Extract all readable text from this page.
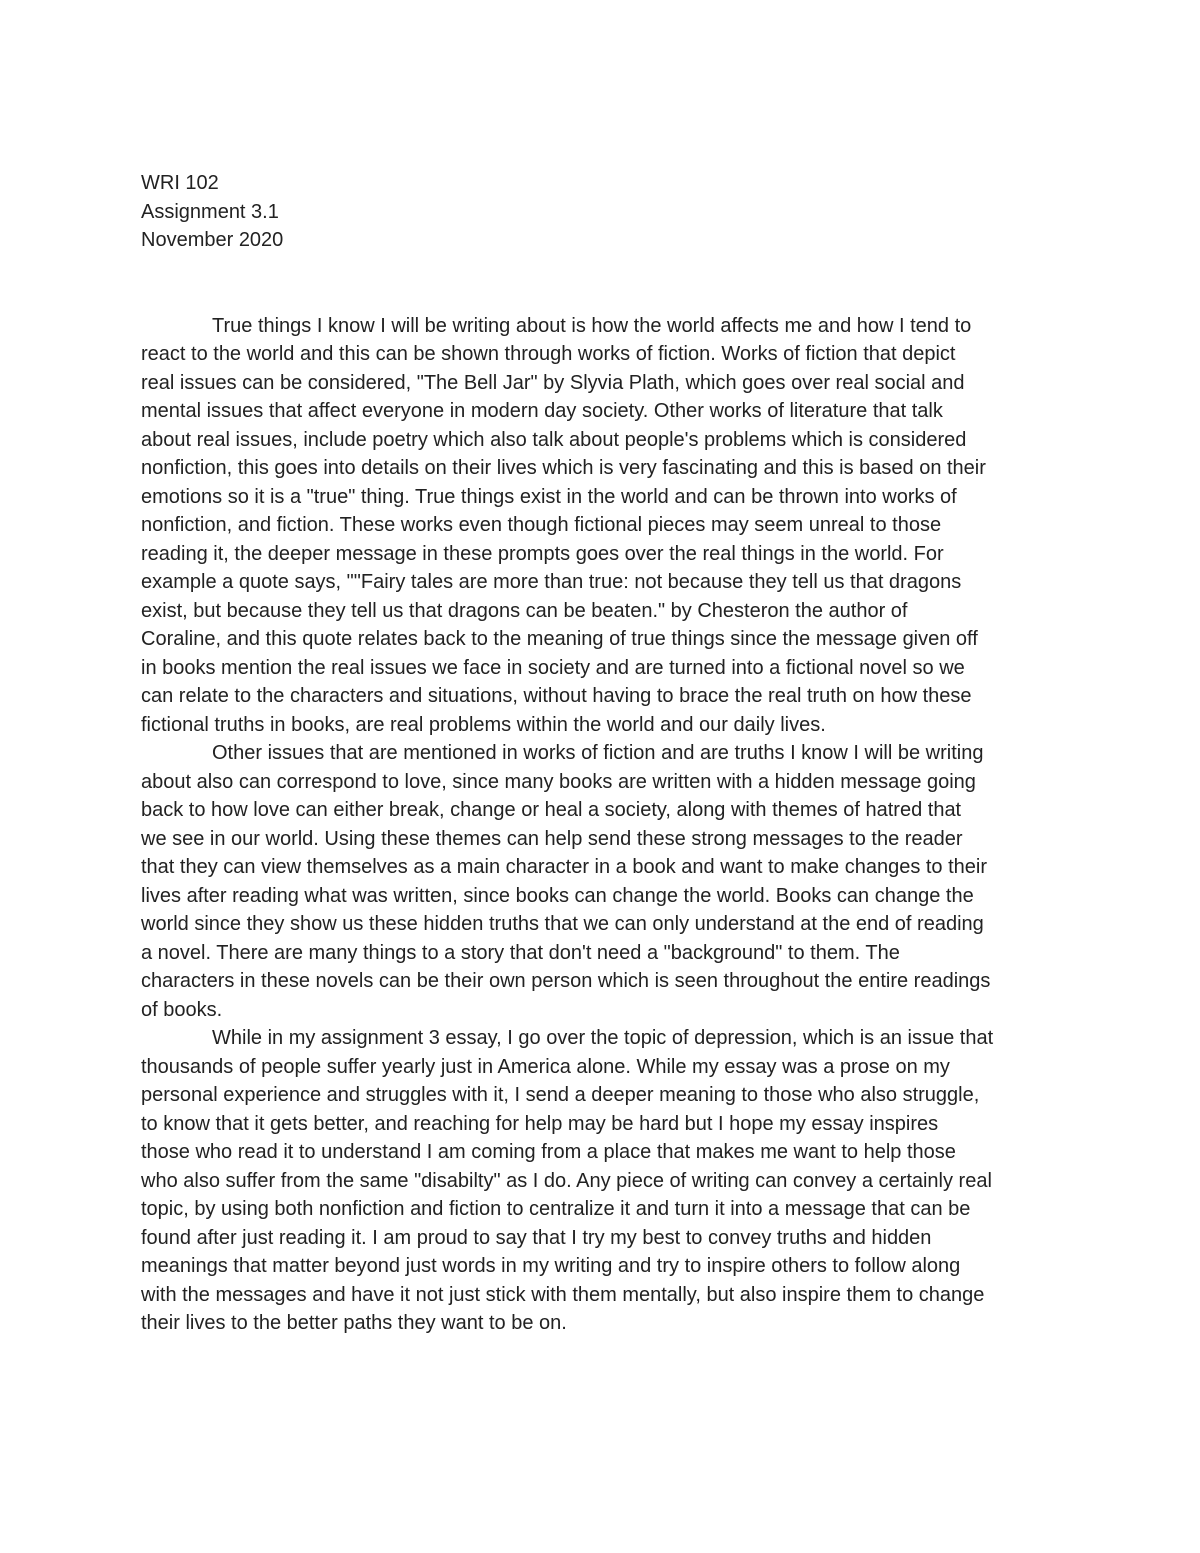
WRI 102
Assignment 3.1
November 2020
True things I know I will be writing about is how the world affects me and how I tend to
react to the world and this can be shown through works of fiction. Works of fiction that depict
real issues can be considered, "The Bell Jar" by Slyvia Plath, which goes over real social and
mental issues that affect everyone in modern day society. Other works of literature that talk
about real issues, include poetry which also talk about people's problems which is considered
nonfiction, this goes into details on their lives which is very fascinating and this is based on their
emotions so it is a "true" thing. True things exist in the world and can be thrown into works of
nonfiction, and fiction. These works even though fictional pieces may seem unreal to those
reading it, the deeper message in these prompts goes over the real things in the world. For
example a quote says, ""Fairy tales are more than true: not because they tell us that dragons
exist, but because they tell us that dragons can be beaten." by Chesteron the author of
Coraline, and this quote relates back to the meaning of true things since the message given off
in books mention the real issues we face in society and are turned into a fictional novel so we
can relate to the characters and situations, without having to brace the real truth on how these
fictional truths in books, are real problems within the world and our daily lives.
Other issues that are mentioned in works of fiction and are truths I know I will be writing
about also can correspond to love, since many books are written with a hidden message going
back to how love can either break, change or heal a society, along with themes of hatred that
we see in our world. Using these themes can help send these strong messages to the reader
that they can view themselves as a main character in a book and want to make changes to their
lives after reading what was written, since books can change the world. Books can change the
world since they show us these hidden truths that we can only understand at the end of reading
a novel. There are many things to a story that don't need a "background" to them. The
characters in these novels can be their own person which is seen throughout the entire readings
of books.
While in my assignment 3 essay, I go over the topic of depression, which is an issue that
thousands of people suffer yearly just in America alone. While my essay was a prose on my
personal experience and struggles with it, I send a deeper meaning to those who also struggle,
to know that it gets better, and reaching for help may be hard but I hope my essay inspires
those who read it to understand I am coming from a place that makes me want to help those
who also suffer from the same "disabilty" as I do. Any piece of writing can convey a certainly real
topic, by using both nonfiction and fiction to centralize it and turn it into a message that can be
found after just reading it. I am proud to say that I try my best to convey truths and hidden
meanings that matter beyond just words in my writing and try to inspire others to follow along
with the messages and have it not just stick with them mentally, but also inspire them to change
their lives to the better paths they want to be on.
